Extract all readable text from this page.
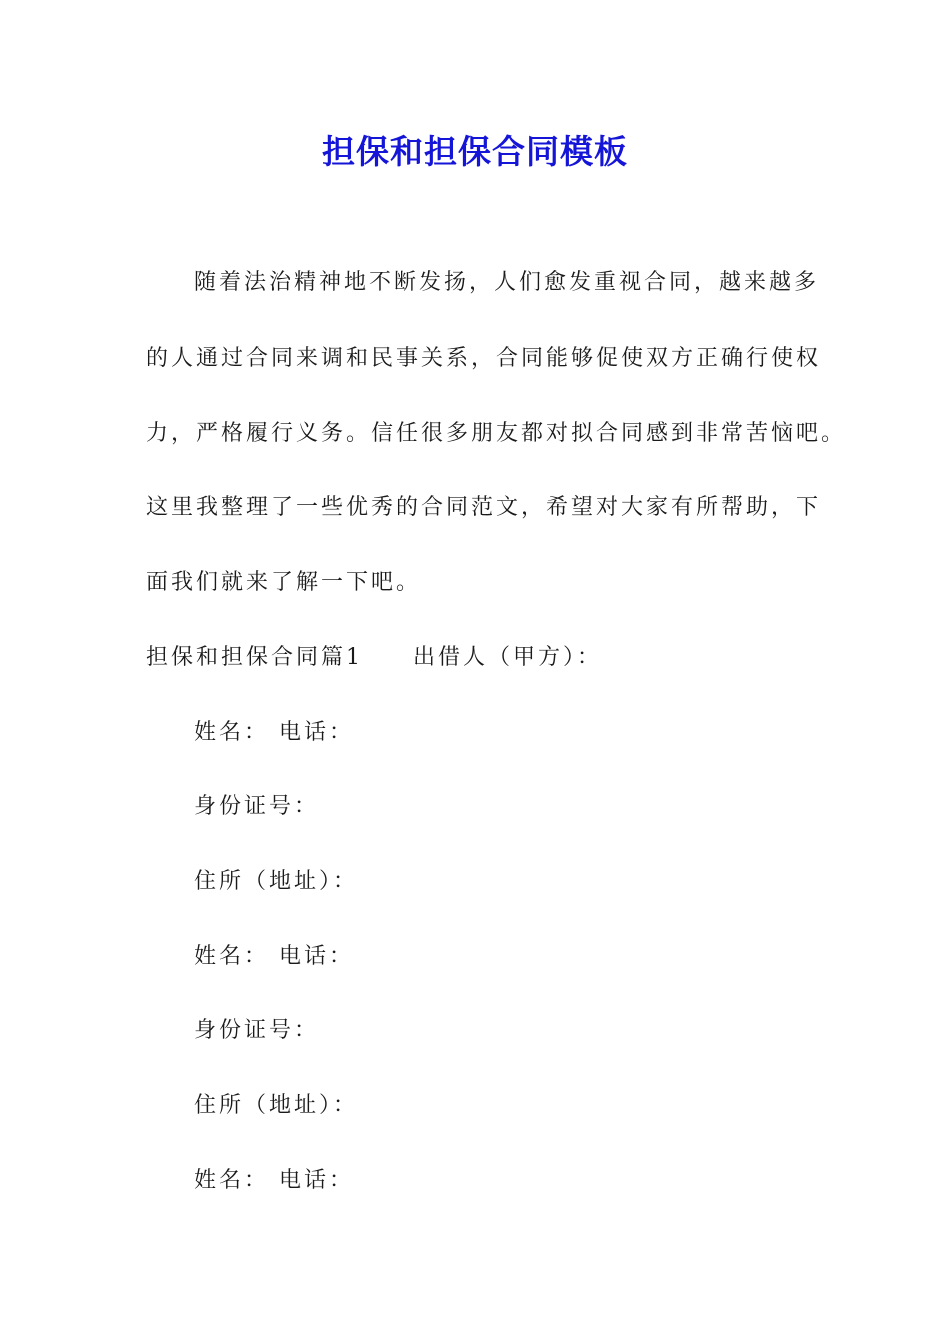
担保和担保合同模板
随着法治精神地不断发扬，人们愈发重视合同，越来越多
的人通过合同来调和民事关系，合同能够促使双方正确行使权
力，严格履行义务。信任很多朋友都对拟合同感到非常苦恼吧。
这里我整理了一些优秀的合同范文，希望对大家有所帮助，下
面我们就来了解一下吧。
担保和担保合同篇1 出借人（甲方）：
姓名： 电话：
身份证号：
住所（地址）：
姓名： 电话：
身份证号：
住所（地址）：
姓名： 电话：
